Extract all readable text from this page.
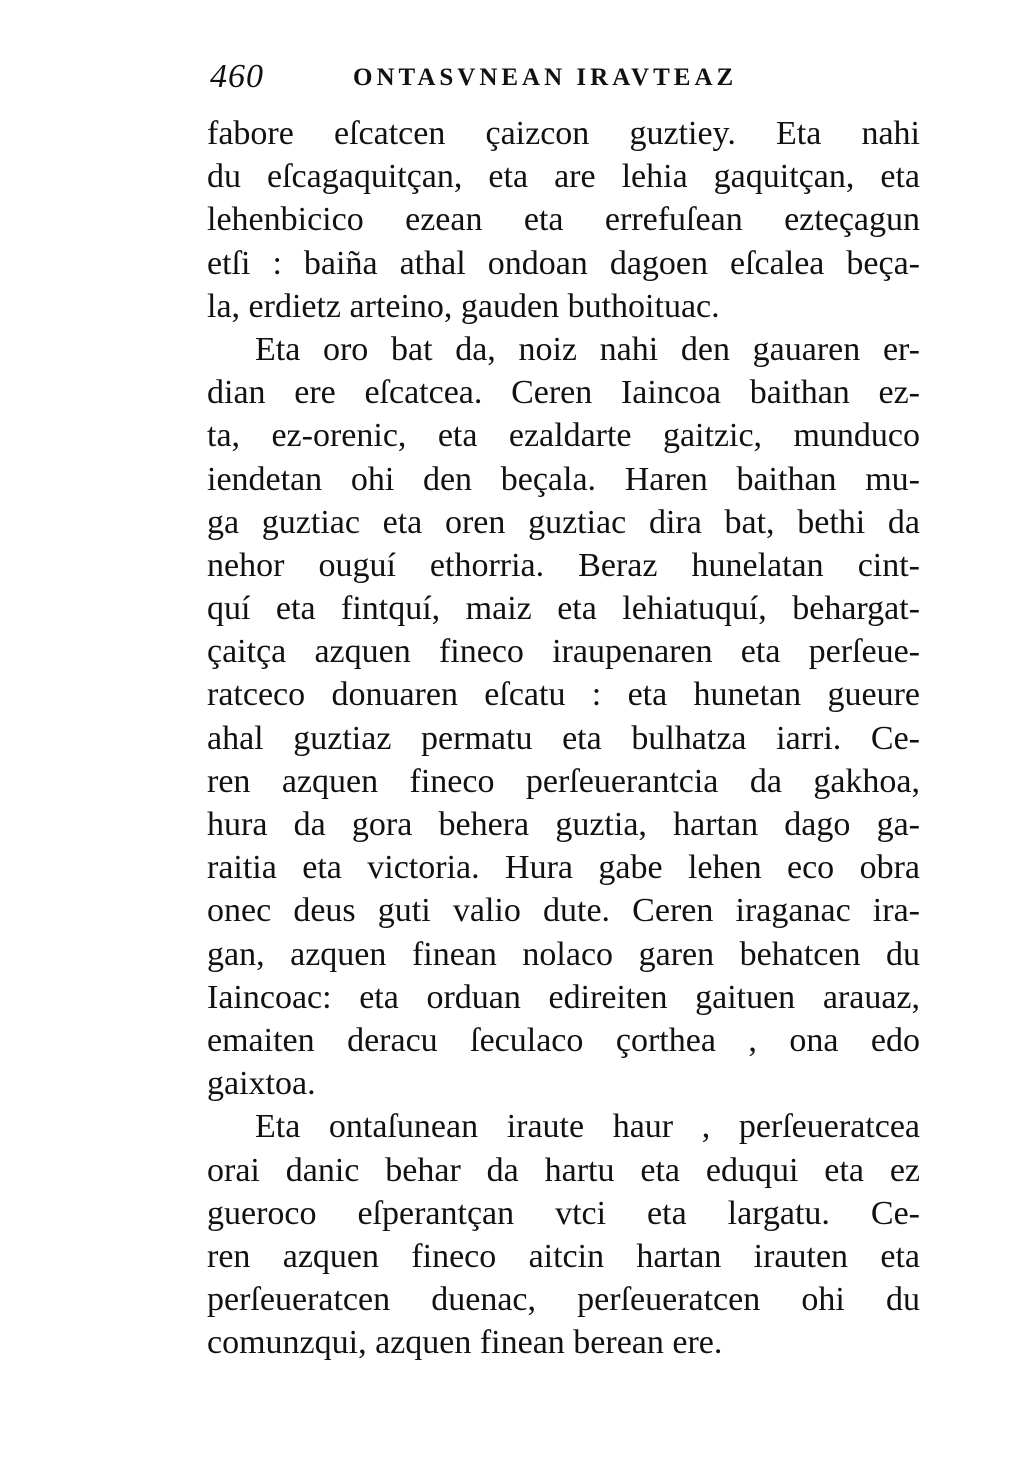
460	ONTASVNEAN IRAVTEAZ
fabore eſcatcen çaizcon guztiey. Eta nahi
du eſcagaquitçan, eta are lehia gaquitçan, eta
lehenbicico ezean eta errefuſean ezteçagun
etſi : baiña athal ondoan dagoen eſcalea beça-
la, erdietz arteino, gauden buthoituac.
Eta oro bat da, noiz nahi den gauaren er-
dian ere eſcatcea. Ceren Iaincoa baithan ez-
ta, ez-orenic, eta ezaldarte gaitzic, munduco
iendetan ohi den beçala. Haren baithan mu-
ga guztiac eta oren guztiac dira bat, bethi da
nehor ouguí ethorria. Beraz hunelatan cint-
quí eta fintquí, maiz eta lehiatuquí, behargat-
çaitça azquen fineco iraupenaren eta perſeue-
ratceco donuaren eſcatu : eta hunetan gueure
ahal guztiaz permatu eta bulhatza iarri. Ce-
ren azquen fineco perſeuerantcia da gakhoa,
hura da gora behera guztia, hartan dago ga-
raitia eta victoria. Hura gabe lehen eco obra
onec deus guti valio dute. Ceren iraganac ira-
gan, azquen finean nolaco garen behatcen du
Iaincoac: eta orduan edireiten gaituen arauaz,
emaiten deracu ſeculaco çorthea , ona edo
gaixtoa.
Eta ontaſunean iraute haur , perſeueratcea
orai danic behar da hartu eta eduqui eta ez
gueroco eſperantçan vtci eta largatu. Ce-
ren azquen fineco aitcin hartan irauten eta
perſeueratcen duenac, perſeueratcen ohi du
comunzqui, azquen finean berean ere.
